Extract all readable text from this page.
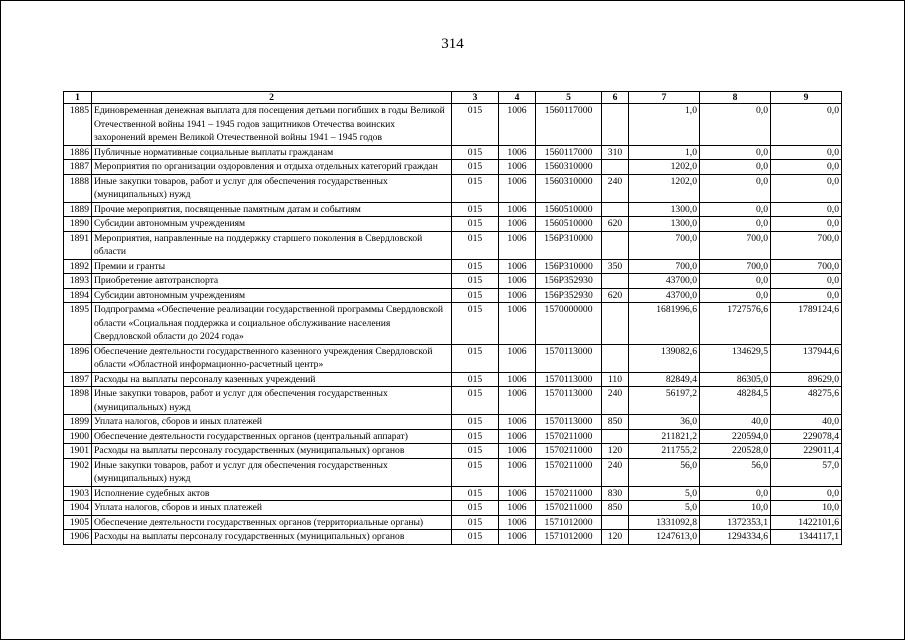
314
1	2	3	4	5	6	7	8	9
1885	Единовременная денежная выплата для посещения детьми погибших в годы Великой Отечественной войны 1941 – 1945 годов защитников Отечества воинских захоронений времен Великой Отечественной войны 1941 – 1945 годов	015	1006	1560117000		1,0	0,0	0,0
1886	Публичные нормативные социальные выплаты гражданам	015	1006	1560117000	310	1,0	0,0	0,0
1887	Мероприятия по организации оздоровления и отдыха отдельных категорий граждан	015	1006	1560310000		1202,0	0,0	0,0
1888	Иные закупки товаров, работ и услуг для обеспечения государственных (муниципальных) нужд	015	1006	1560310000	240	1202,0	0,0	0,0
1889	Прочие мероприятия, посвященные памятным датам и событиям	015	1006	1560510000		1300,0	0,0	0,0
1890	Субсидии автономным учреждениям	015	1006	1560510000	620	1300,0	0,0	0,0
1891	Мероприятия, направленные на поддержку старшего поколения в Свердловской области	015	1006	156P310000		700,0	700,0	700,0
1892	Премии и гранты	015	1006	156P310000	350	700,0	700,0	700,0
1893	Приобретение автотранспорта	015	1006	156P352930		43700,0	0,0	0,0
1894	Субсидии автономным учреждениям	015	1006	156P352930	620	43700,0	0,0	0,0
1895	Подпрограмма «Обеспечение реализации государственной программы Свердловской области «Социальная поддержка и социальное обслуживание населения Свердловской области до 2024 года»	015	1006	1570000000		1681996,6	1727576,6	1789124,6
1896	Обеспечение деятельности государственного казенного учреждения Свердловской области «Областной информационно-расчетный центр»	015	1006	1570113000		139082,6	134629,5	137944,6
1897	Расходы на выплаты персоналу казенных учреждений	015	1006	1570113000	110	82849,4	86305,0	89629,0
1898	Иные закупки товаров, работ и услуг для обеспечения государственных (муниципальных) нужд	015	1006	1570113000	240	56197,2	48284,5	48275,6
1899	Уплата налогов, сборов и иных платежей	015	1006	1570113000	850	36,0	40,0	40,0
1900	Обеспечение деятельности государственных органов (центральный аппарат)	015	1006	1570211000		211821,2	220594,0	229078,4
1901	Расходы на выплаты персоналу государственных (муниципальных) органов	015	1006	1570211000	120	211755,2	220528,0	229011,4
1902	Иные закупки товаров, работ и услуг для обеспечения государственных (муниципальных) нужд	015	1006	1570211000	240	56,0	56,0	57,0
1903	Исполнение судебных актов	015	1006	1570211000	830	5,0	0,0	0,0
1904	Уплата налогов, сборов и иных платежей	015	1006	1570211000	850	5,0	10,0	10,0
1905	Обеспечение деятельности государственных органов (территориальные органы)	015	1006	1571012000		1331092,8	1372353,1	1422101,6
1906	Расходы на выплаты персоналу государственных (муниципальных) органов	015	1006	1571012000	120	1247613,0	1294334,6	1344117,1
